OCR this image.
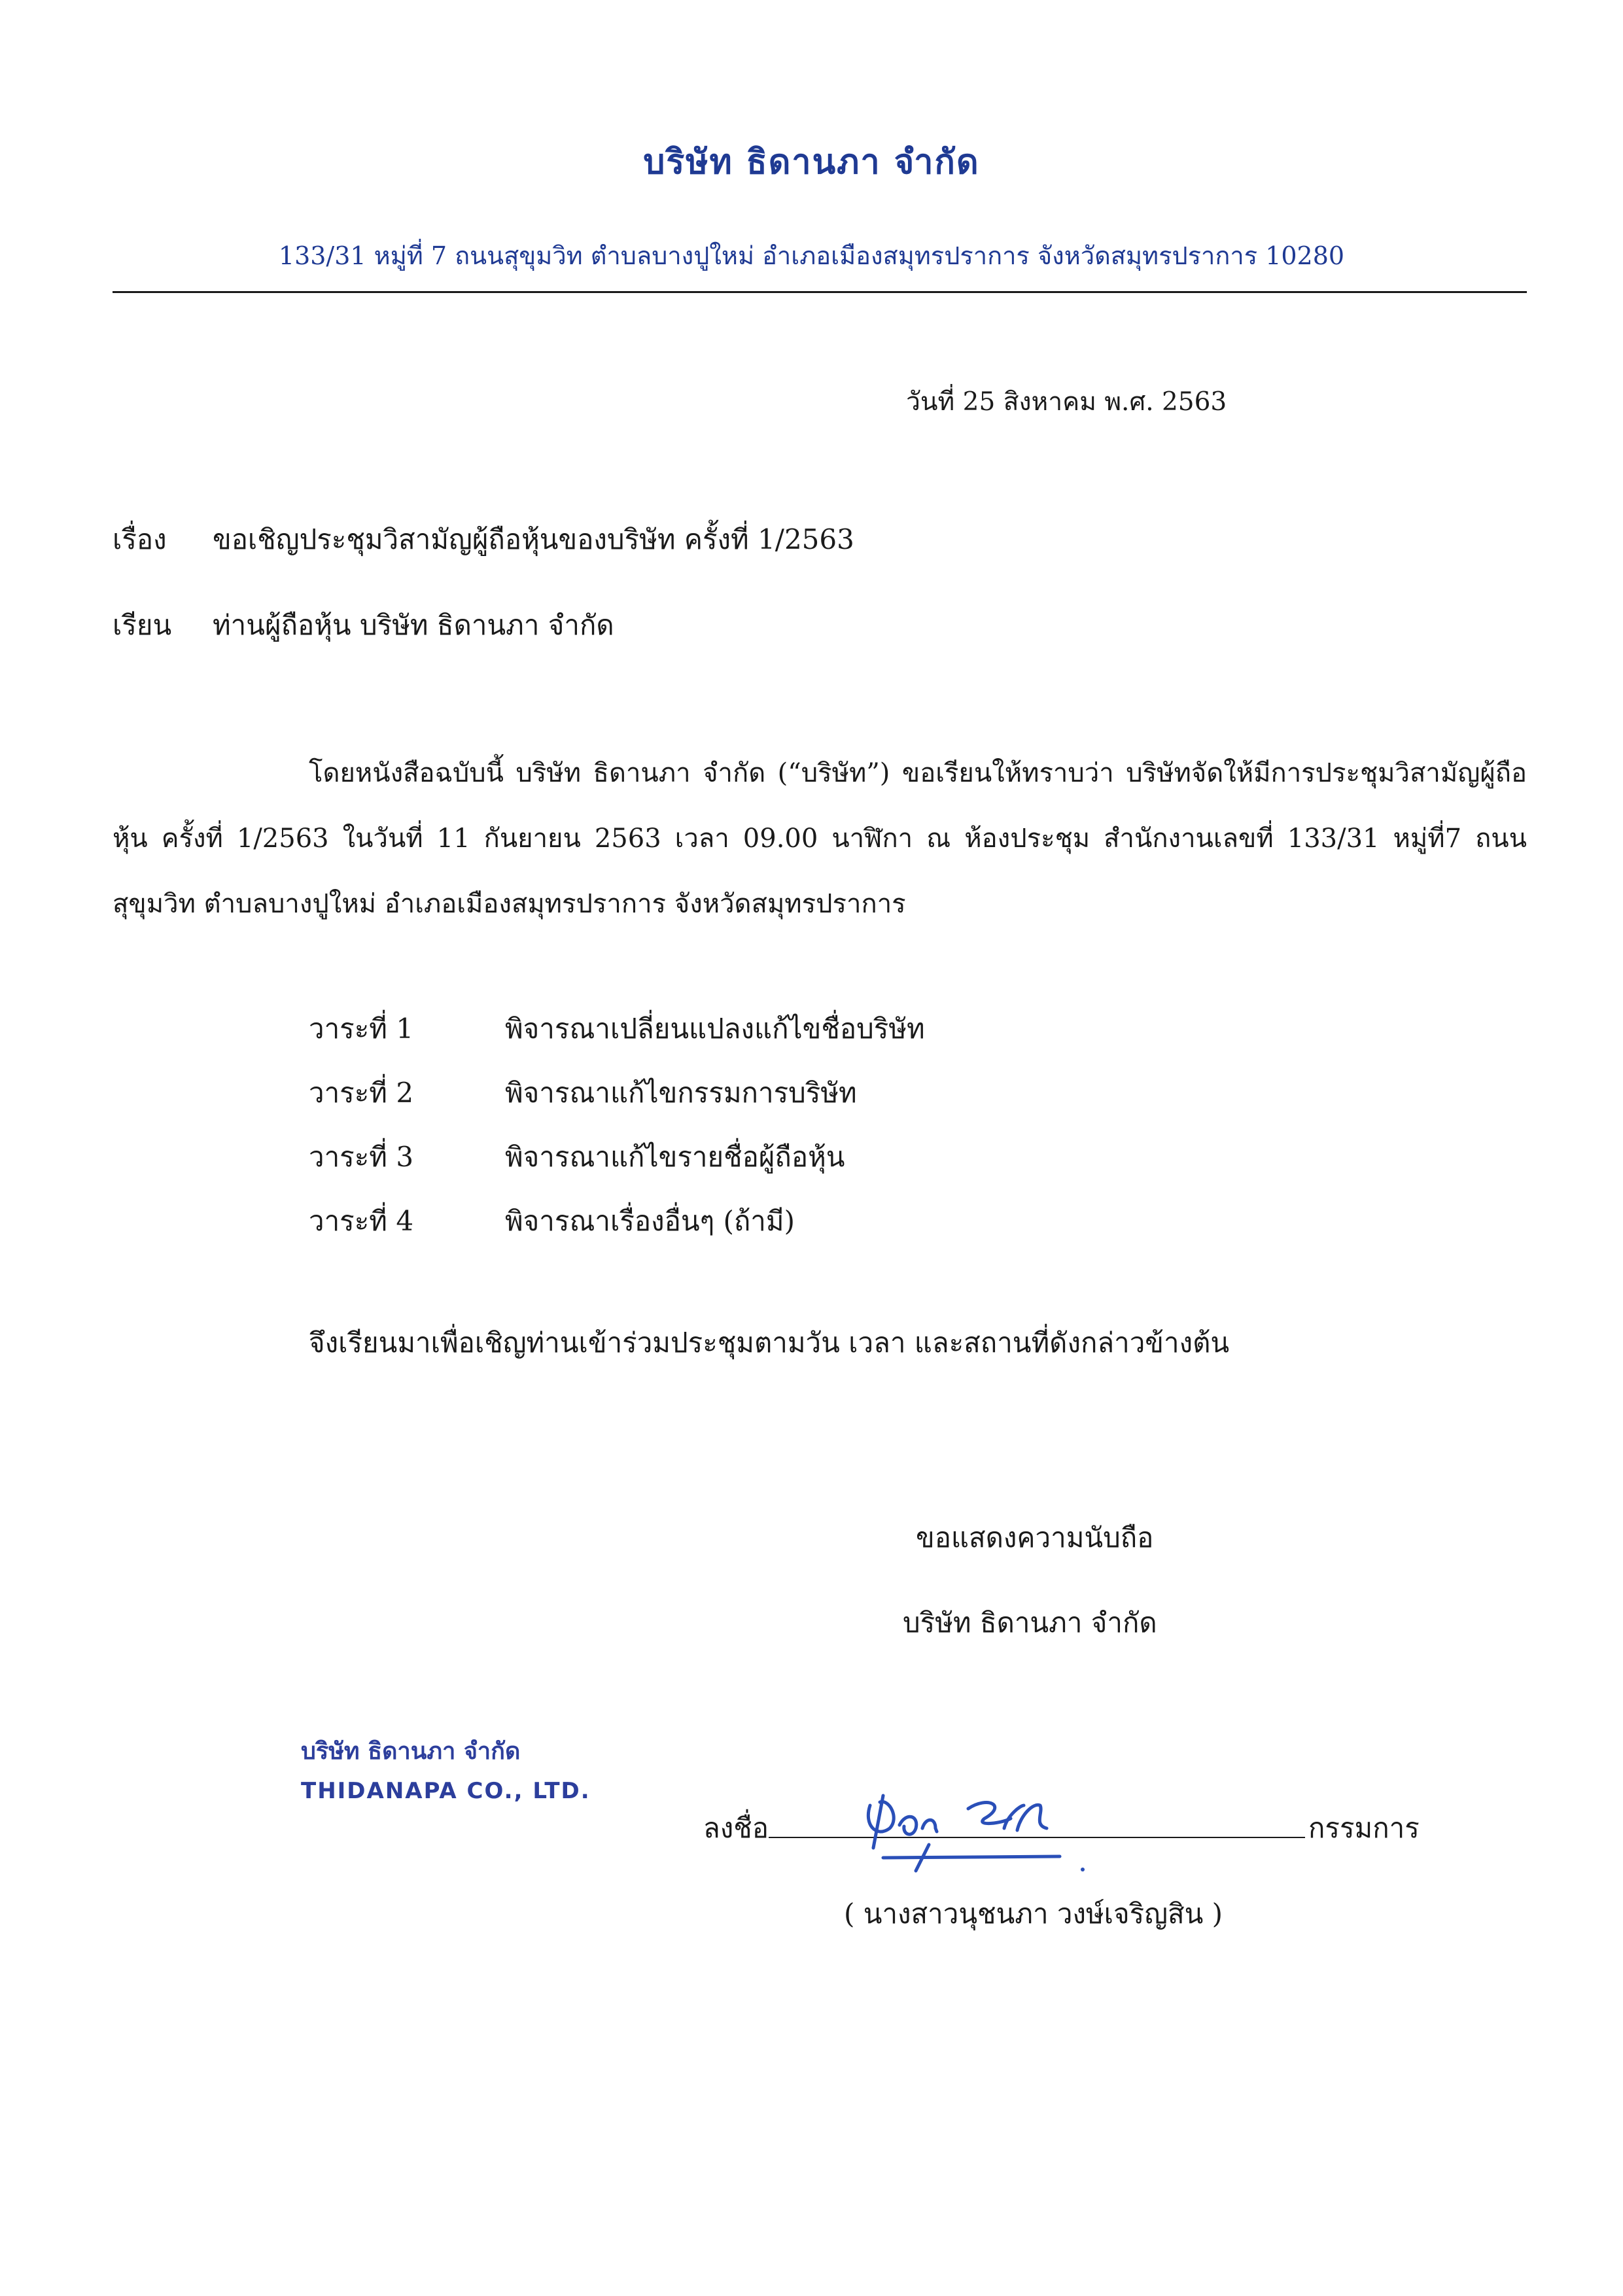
บริษัท ธิดานภา จำกัด
133/31 หมู่ที่ 7 ถนนสุขุมวิท ตำบลบางปูใหม่ อำเภอเมืองสมุทรปราการ จังหวัดสมุทรปราการ 10280
วันที่ 25 สิงหาคม พ.ศ. 2563
เรื่อง ขอเชิญประชุมวิสามัญผู้ถือหุ้นของบริษัท ครั้งที่ 1/2563
เรียน ท่านผู้ถือหุ้น บริษัท ธิดานภา จำกัด
โดยหนังสือฉบับนี้ บริษัท ธิดานภา จำกัด (“บริษัท”) ขอเรียนให้ทราบว่า บริษัทจัดให้มีการประชุมวิสามัญผู้ถือหุ้น ครั้งที่ 1/2563 ในวันที่ 11 กันยายน 2563 เวลา 09.00 นาฬิกา ณ ห้องประชุม สำนักงานเลขที่ 133/31 หมู่ที่7 ถนนสุขุมวิท ตำบลบางปูใหม่ อำเภอเมืองสมุทรปราการ จังหวัดสมุทรปราการ
วาระที่ 1	พิจารณาเปลี่ยนแปลงแก้ไขชื่อบริษัท
วาระที่ 2	พิจารณาแก้ไขกรรมการบริษัท
วาระที่ 3	พิจารณาแก้ไขรายชื่อผู้ถือหุ้น
วาระที่ 4	พิจารณาเรื่องอื่นๆ (ถ้ามี)
จึงเรียนมาเพื่อเชิญท่านเข้าร่วมประชุมตามวัน เวลา และสถานที่ดังกล่าวข้างต้น
ขอแสดงความนับถือ
บริษัท ธิดานภา จำกัด
บริษัท ธิดานภา จำกัด
THIDANAPA CO., LTD.
ลงชื่อ	กรรมการ
( นางสาวนุชนภา วงษ์เจริญสิน )
